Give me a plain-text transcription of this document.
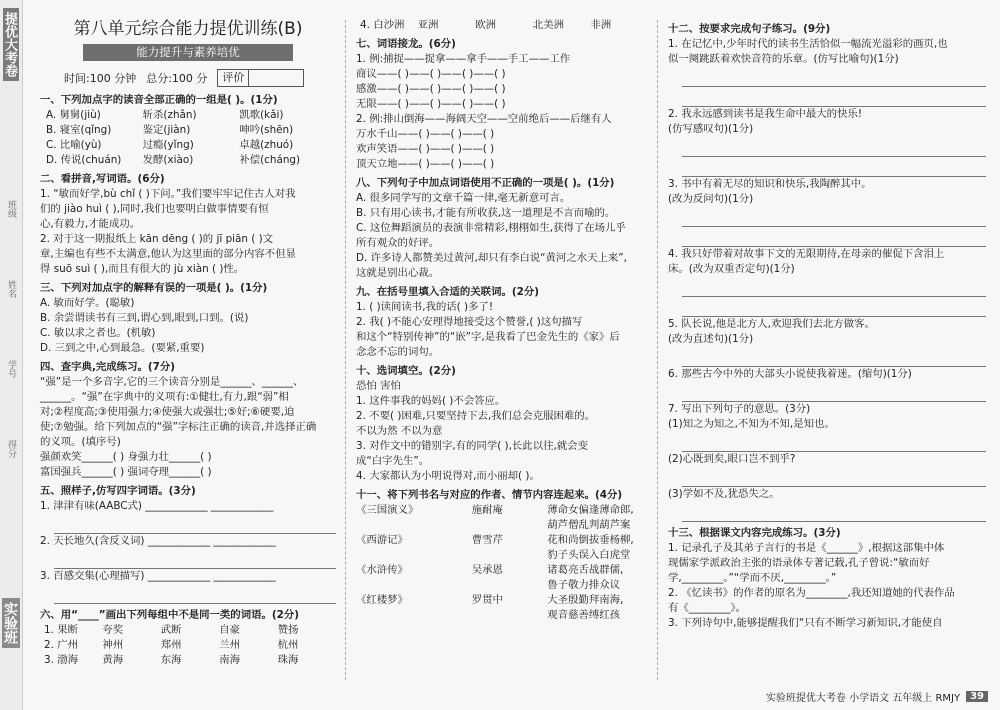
提优大考卷
班级
姓名
学号
得分
实验班
第八单元综合能力提优训练(B)
能力提升与素养培优
时间:100 分钟 总分:100 分	评价
一、下列加点字的读音全部正确的一组是( )。(1分)
A. 舅舅(jiù)	斩杀(zhǎn)	凯歌(kǎi)
B. 寝室(qǐng)	鉴定(jiàn)	呻吟(shēn)
C. 比喻(yù)	过瘾(yǐng)	卓越(zhuó)
D. 传说(chuán)	发酵(xiào)	补偿(cháng)
二、看拼音,写词语。(6分)
1. “敏而好学,bù chǐ ( )下问。”我们要牢牢记住古人对我
们的 jiào huì ( ),同时,我们也要明白做事情要有恒
心,有毅力,才能成功。
2. 对于这一期报纸上 kān dēng ( )的 jī piān ( )文
章,主编也有些不太满意,他认为这里面的部分内容不但显
得 suō suì ( ),而且有很大的 jù xiàn ( )性。
三、下列对加点字的解释有误的一项是( )。(1分)
A. 敏而好学。(聪敏)
B. 余尝谓读书有三到,谓心到,眼到,口到。(说)
C. 敏以求之者也。(机敏)
D. 三到之中,心到最急。(要紧,重要)
四、查字典,完成练习。(7分)
“强”是一个多音字,它的三个读音分别是______、______、
______。“强”在字典中的义项有:①健壮,有力,跟“弱”相
对;②程度高;③使用强力;④使强大或强壮;⑤好;⑥硬要,迫
使;⑦勉强。给下列加点的“强”字标注正确的读音,并选择正确
的义项。(填序号)
强颜欢笑______( ) 身强力壮______( )
富国强兵______( ) 强词夺理______( )
五、照样子,仿写四字词语。(3分)
1. 津津有味(AABC式) ____________ ____________
2. 天长地久(含反义词) ____________ ____________
3. 百感交集(心理描写) ____________ ____________
六、用“____”画出下列每组中不是同一类的词语。(2分)
1. 果断	夸奖	武断	自豪	赞扬
2. 广州	神州	郑州	兰州	杭州
3. 渤海	黄海	东海	南海	珠海
4. 白沙洲	亚洲	欧洲	北美洲	非洲
七、词语接龙。(6分)
1. 例:捕捉——捉拿——拿手——手工——工作
商议——( )——( )——( )——( )
感激——( )——( )——( )——( )
无限——( )——( )——( )——( )
2. 例:排山倒海——海阔天空——空前绝后——后继有人
万水千山——( )——( )——( )
欢声笑语——( )——( )——( )
顶天立地——( )——( )——( )
八、下列句子中加点词语使用不正确的一项是( )。(1分)
A. 很多同学写的文章千篇一律,毫无新意可言。
B. 只有用心读书,才能有所收获,这一道理是不言而喻的。
C. 这位舞蹈演员的表演非常精彩,栩栩如生,获得了在场儿乎
所有观众的好评。
D. 许多诗人都赞美过黄河,却只有李白说“黄河之水天上来”,
这就是别出心裁。
九、在括号里填入合适的关联词。(2分)
1. ( )读间读书,我的话( )多了!
2. 我( )不能心安理得地接受这个赞誉,( )这句描写
和这个“特别传神”的“嵌”字,是我看了巴金先生的《家》后
念念不忘的词句。
十、选词填空。(2分)
恐怕 害怕
1. 这件事我的妈妈( )不会答应。
2. 不要( )困难,只要坚持下去,我们总会克服困难的。
不以为然 不以为意
3. 对作文中的错别字,有的同学( ),长此以往,就会变
成“白字先生”。
4. 大家都认为小明说得对,而小丽却( )。
十一、将下列书名与对应的作者、情节内容连起来。(4分)
《三国演义》	施耐庵	薄命女偏逢薄命郎,
葫芦僧乱判葫芦案
《西游记》	曹雪芹	花和尚倒拔垂杨柳,
豹子头误入白虎堂
《水浒传》	吴承恩	诸葛亮舌战群儒,
鲁子敬力排众议
《红楼梦》	罗贯中	大圣殷勤拜南海,
观音慈善缚红孩
十二、按要求完成句子练习。(9分)
1. 在记忆中,少年时代的读书生活恰似一幅流光溢彩的画页,也
似一阕跳跃着欢快音符的乐章。(仿写比喻句)(1分)
2. 我永远感到读书是我生命中最大的快乐!
(仿写感叹句)(1分)
3. 书中有着无尽的知识和快乐,我陶醉其中。
(改为反问句)(1分)
4. 我只好带着对故事下文的无限期待,在母亲的催促下含泪上
床。(改为双重否定句)(1分)
5. 队长说,他是北方人,欢迎我们去北方做客。
(改为直述句)(1分)
6. 那些古今中外的大部头小说使我着迷。(缩句)(1分)
7. 写出下列句子的意思。(3分)
(1)知之为知之,不知为不知,是知也。
(2)心既到矣,眼口岂不到乎?
(3)学如不及,犹恐失之。
十三、根据课文内容完成练习。(3分)
1. 记录孔子及其弟子言行的书是《______》,根据这部集中体
现儒家学派政治主张的语录体专著记载,孔子曾说:“敏而好
学,________。”“学而不厌,________。”
2. 《忆读书》的作者的原名为________,我还知道她的代表作品
有《________》。
3. 下列诗句中,能够提醒我们“只有不断学习新知识,才能使自
实验班提优大考卷 小学语文 五年级上 RMJY	39
